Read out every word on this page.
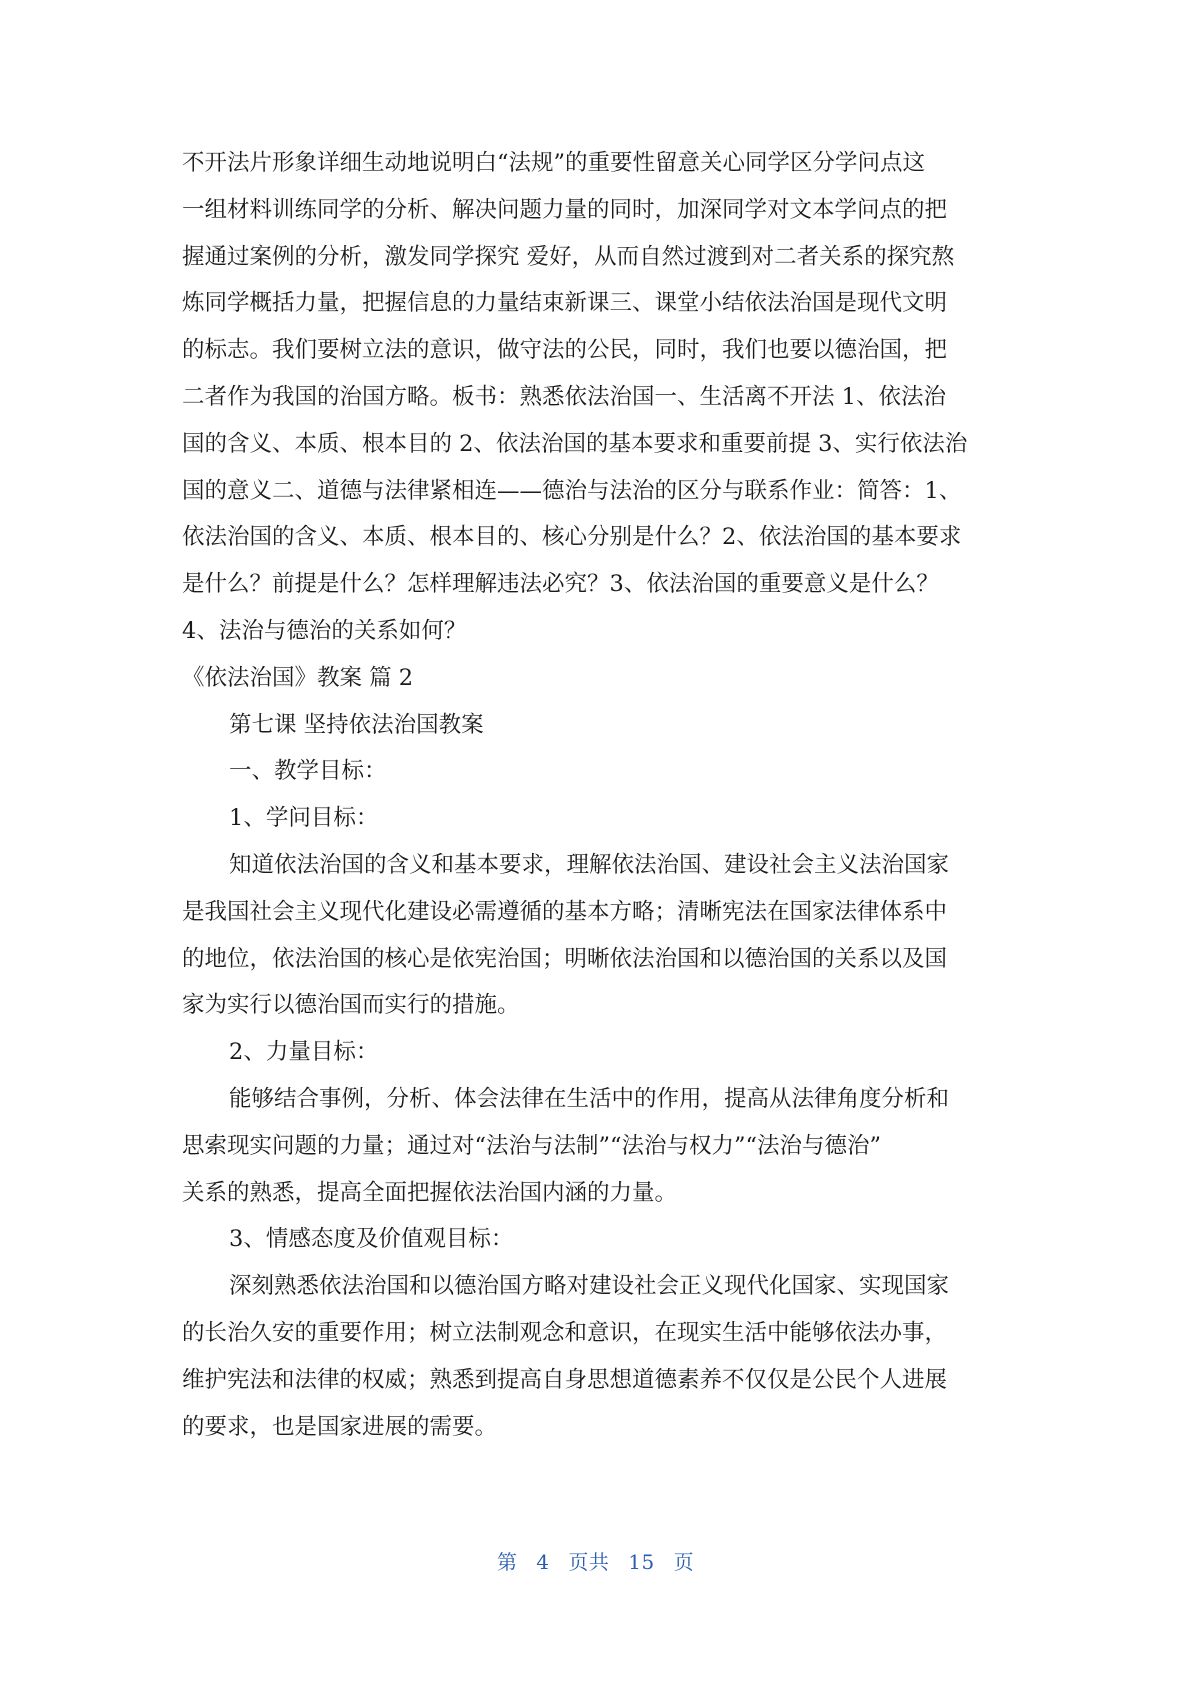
不开法片形象详细生动地说明白“法规”的重要性留意关心同学区分学问点这
一组材料训练同学的分析、解决问题力量的同时，加深同学对文本学问点的把
握通过案例的分析，激发同学探究 爱好，从而自然过渡到对二者关系的探究熬
炼同学概括力量，把握信息的力量结束新课三、课堂小结依法治国是现代文明
的标志。我们要树立法的意识，做守法的公民，同时，我们也要以德治国，把
二者作为我国的治国方略。板书：熟悉依法治国一、生活离不开法 1、依法治
国的含义、本质、根本目的 2、依法治国的基本要求和重要前提 3、实行依法治
国的意义二、道德与法律紧相连——德治与法治的区分与联系作业：简答：1、
依法治国的含义、本质、根本目的、核心分别是什么？2、依法治国的基本要求
是什么？前提是什么？怎样理解违法必究？3、依法治国的重要意义是什么？
4、法治与德治的关系如何？
《依法治国》教案 篇 2
第七课 坚持依法治国教案
一、教学目标：
1、学问目标：
知道依法治国的含义和基本要求，理解依法治国、建设社会主义法治国家
是我国社会主义现代化建设必需遵循的基本方略；清晰宪法在国家法律体系中
的地位，依法治国的核心是依宪治国；明晰依法治国和以德治国的关系以及国
家为实行以德治国而实行的措施。
2、力量目标：
能够结合事例，分析、体会法律在生活中的作用，提高从法律角度分析和
思索现实问题的力量；通过对“法治与法制”“法治与权力”“法治与德治”
关系的熟悉，提高全面把握依法治国内涵的力量。
3、情感态度及价值观目标：
深刻熟悉依法治国和以德治国方略对建设社会正义现代化国家、实现国家
的长治久安的重要作用；树立法制观念和意识，在现实生活中能够依法办事，
维护宪法和法律的权威；熟悉到提高自身思想道德素养不仅仅是公民个人进展
的要求，也是国家进展的需要。
第 4 页共 15 页
